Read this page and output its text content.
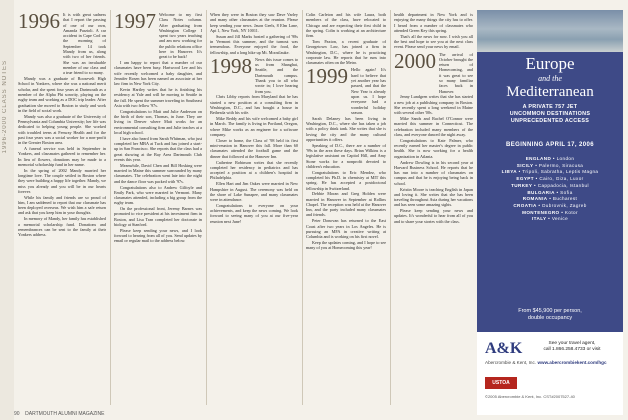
1996-2000 CLASS NOTES
1996 It is with great sadness that I report the passing of one of our own, Amanda Parzioli. A car accident in Cape Cod on the morning of September 14 took Mandy from us, along with two of her friends. She was an invaluable member of our class and a true friend to so many.

Mandy was a graduate of Roosevelt High School in Yonkers, where she was a national merit scholar, and she spent four years at Dartmouth as a member of the Alpha Phi sorority, playing on the rugby team and working as a DOC trip leader. After graduation she moved to Boston to study and work in the field of social work.

Mandy was also a graduate of the University of Pennsylvania and Columbia University; her life was dedicated to helping young people. She worked with troubled teens at Fenway Health and for the past four years was a social worker for a non-profit in the Greater Boston area.

A funeral service was held in September in Yonkers, and classmates gathered to remember her. In lieu of flowers, donations may be made to a memorial scholarship fund in her name.

In the spring of 2002 Mandy married her longtime love. The couple settled in Boston where they were building a happy life together. Mandy, we miss you already and you will be in our hearts forever.

While his family and friends are so proud of him, I am saddened to report that our classmate has been deployed overseas. We wish him a safe return and ask that you keep him in your thoughts.

In memory of Mandy, her family has established a memorial scholarship fund. Donations and remembrances can be sent to the family at their Yonkers address.

1997 Welcome to my first Class Notes column. After graduating from Washington College I spent two years teaching and am now working for the public relations office here in Hanover. It's great to be back!

I am happy to report that a number of our classmates have been busy. Hartwood Lee and his wife recently welcomed a baby daughter, and Jennifer Rosen has been named an associate at her law firm in New York City.

Kevin Hartley writes that he is finishing his residency at Yale and will be moving to Seattle in the fall. He spent the summer traveling in Southeast Asia with two fellow '97s.

Congratulations to Matt and Julie Anderson on the birth of their son, Thomas, in June. They are living in Denver where Matt works for an environmental consulting firm and Julie teaches at a local high school.

I have also heard from Sarah Whitman, who just completed her MBA at Tuck and has joined a start-up in San Francisco. She reports that the class had a great showing at the Bay Area Dartmouth Club events this year.

Meanwhile, David Chen and Bill Hosking were married in Maine this summer surrounded by many classmates. The celebration went late into the night and the dance floor was packed with '97s.

Congratulations also to Andrew Gilfoyle and Emily Park, who were married in Vermont. Many classmates attended, including a big group from the rugby team.

On the professional front, Jeremy Barnes was promoted to vice president at his investment firm in Boston, and Lisa Tran completed her doctorate in biology at Stanford.

Please keep sending your news, and I look forward to hearing from all of you. Send updates by email or regular mail to the address below.

When they were in Boston they saw Dave Varley and many other classmates at the reunion. Please keep sending your news. Jason Geels, 8 Elm Lane, Apt 1, New York, NY 10011.

Susan and Jill Marks hosted a gathering of '98s in Vermont this summer, and the turnout was tremendous. Everyone enjoyed the food, the fellowship, and a long hike up Mt. Moosilauke.

1998 News this issue comes to us from Shanghai, Seattle, and the Dartmouth campus. Thank you to all who wrote in; I love hearing from you.

Chris Libby reports from Maryland that he has started a new position at a consulting firm in Washington, D.C., and has bought a house in Bethesda with his wife.

Mike Reddy and his wife welcomed a baby girl in March. The family is living in Portland, Oregon, where Mike works as an engineer for a software company.

Closer to home, the Class of '98 held its first mini-reunion in Hanover this fall. More than 60 classmates attended the football game and the dinner that followed at the Hanover Inn.

Catherine Robinson writes that she recently completed her residency in pediatrics and has accepted a position at a children's hospital in Philadelphia.

Ellen Hart and Jim Oakes were married in New Hampshire in August. The ceremony was held on the shore of Lake Sunapee, and many classmates were in attendance.

Congratulations to everyone on your achievements, and keep the news coming. We look forward to seeing many of you at our five-year reunion next June!

Colin Carleton and his wife Laura, both members of the class, have relocated to Chicago and are expecting their first child in the spring. Colin is working at an architecture firm.

Tom Paxton, a recent graduate of Georgetown Law, has joined a firm in Washington, D.C., where he is practicing corporate law. He reports that he runs into classmates often on the Metro.

1999 Hello again! It's hard to believe that yet another year has passed, and that the New Year is already upon us. I hope everyone had a wonderful holiday season.

Sarah Delaney has been living in Washington, D.C., where she has taken a job with a policy think tank. She writes that she is loving the city and the many cultural opportunities it offers.

Speaking of D.C., there are a number of '99s in the area these days. Brian Wilkins is a legislative assistant on Capitol Hill, and Amy Stone works for a nonprofit devoted to children's education.

Congratulations to Eric Mendez, who completed his Ph.D. in chemistry at MIT this spring. He has accepted a postdoctoral fellowship in Switzerland.

Debbie Moran and Greg Holden were married in Hanover in September at Rollins Chapel. The reception was held at the Hanover Inn, and the party included many classmates and friends.

Peter Donovan has returned to the East Coast after two years in Los Angeles. He is pursuing an MFA in creative writing at Columbia and is working on his first novel.

Keep the updates coming, and I hope to see many of you at Homecoming this year!

health department in New York and is enjoying the many things the city has to offer. I heard from a number of classmates who attended Green Key this spring.

That's all the news for now. I wish you all the best and hope to see you at the next class event. Please send your news by email.

2000 The arrival of October brought the return of Homecoming, and it was great to see so many familiar faces back in Hanover.

Jenny Lundgren writes that she has started a new job at a publishing company in Boston. She recently spent a long weekend in Maine with several other '00s.

Mike Sands and Rachel O'Connor were married this summer in Connecticut. The celebration included many members of the class, and everyone danced the night away.

Congratulations to Kate Palmer, who recently earned her master's degree in public health. She is now working for a health organization in Atlanta.

Andrew Dowling is in his second year at Harvard Business School. He reports that he has run into a number of classmates on campus and that he is enjoying being back in school.

Kristin Moore is teaching English in Japan and loving it. She writes that she has been traveling throughout Asia during her vacations and has seen some amazing sights.

Please keep sending your news and updates. It's wonderful to hear from all of you and to share your stories with the class.

Europe
and the
Mediterranean
A PRIVATE 757 JET
UNCOMMON DESTINATIONS
UNPRECEDENTED ACCESS
BEGINNING APRIL 17, 2006
ENGLAND • London
SICILY • Palermo, Siracusa
LIBYA • Tripoli, Sabratha, Leptis Magna
EGYPT • Cairo, Giza, Luxor
TURKEY • Cappadocia, Istanbul
BULGARIA • Sofia
ROMANIA • Bucharest
CROATIA • Dubrovnik, Zagreb
MONTENEGRO • Kotor
ITALY • Venice
From $45,900 per person,
double occupancy
A&K
Abercrombie & Kent, Inc.
See your travel agent,
call 1.866.258.4733 or visit
www.abercrombiekent.com/hgc
USTOA
©2005 Abercrombie & Kent, Inc. CST#2007527-40
90 DARTMOUTH ALUMNI MAGAZINE
